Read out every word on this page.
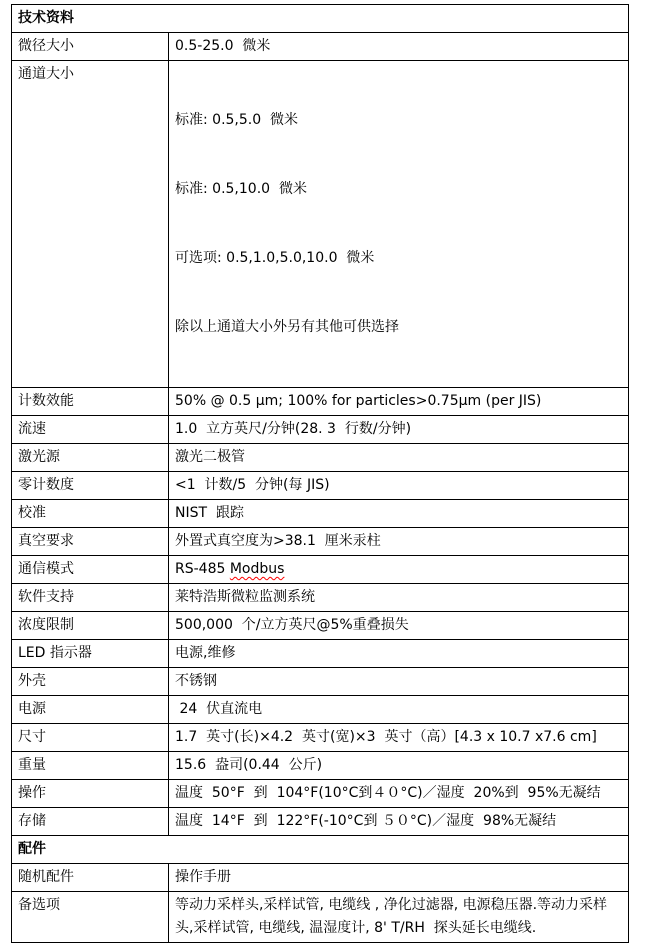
技术资料	
微径大小	0.5-25.0  微米
通道大小	标准: 0.5,5.0  微米

标准: 0.5,10.0  微米

可选项: 0.5,1.0,5.0,10.0  微米

除以上通道大小外另有其他可供选择

计数效能	50% @ 0.5 μm; 100% for particles>0.75μm (per JIS)
流速	1.0  立方英尺/分钟(28. 3  行数/分钟)
激光源	激光二极管
零计数度	<1  计数/5  分钟(每 JIS)
校准	NIST  跟踪
真空要求	外置式真空度为>38.1  厘米汞柱
通信模式	RS-485 Modbus
软件支持	莱特浩斯微粒监测系统
浓度限制	500,000  个/立方英尺@5%重叠损失
LED 指示器	电源,维修
外壳	不锈钢
电源	24  伏直流电
尺寸	1.7  英寸(长)×4.2  英寸(宽)×3  英寸（高）[4.3 x 10.7 x7.6 cm]
重量	15.6  盎司(0.44  公斤)
操作	温度  50°F  到  104°F(10°C到４０°C)／湿度  20%到  95%无凝结
存储	温度  14°F  到  122°F(-10°C到 ５０°C)／湿度  98%无凝结
配件	
随机配件	操作手册
备选项	等动力采样头,采样试管, 电缆线 , 净化过滤器, 电源稳压器.等动力采样头,采样试管, 电缆线, 温湿度计, 8' T/RH  探头延长电缆线.
